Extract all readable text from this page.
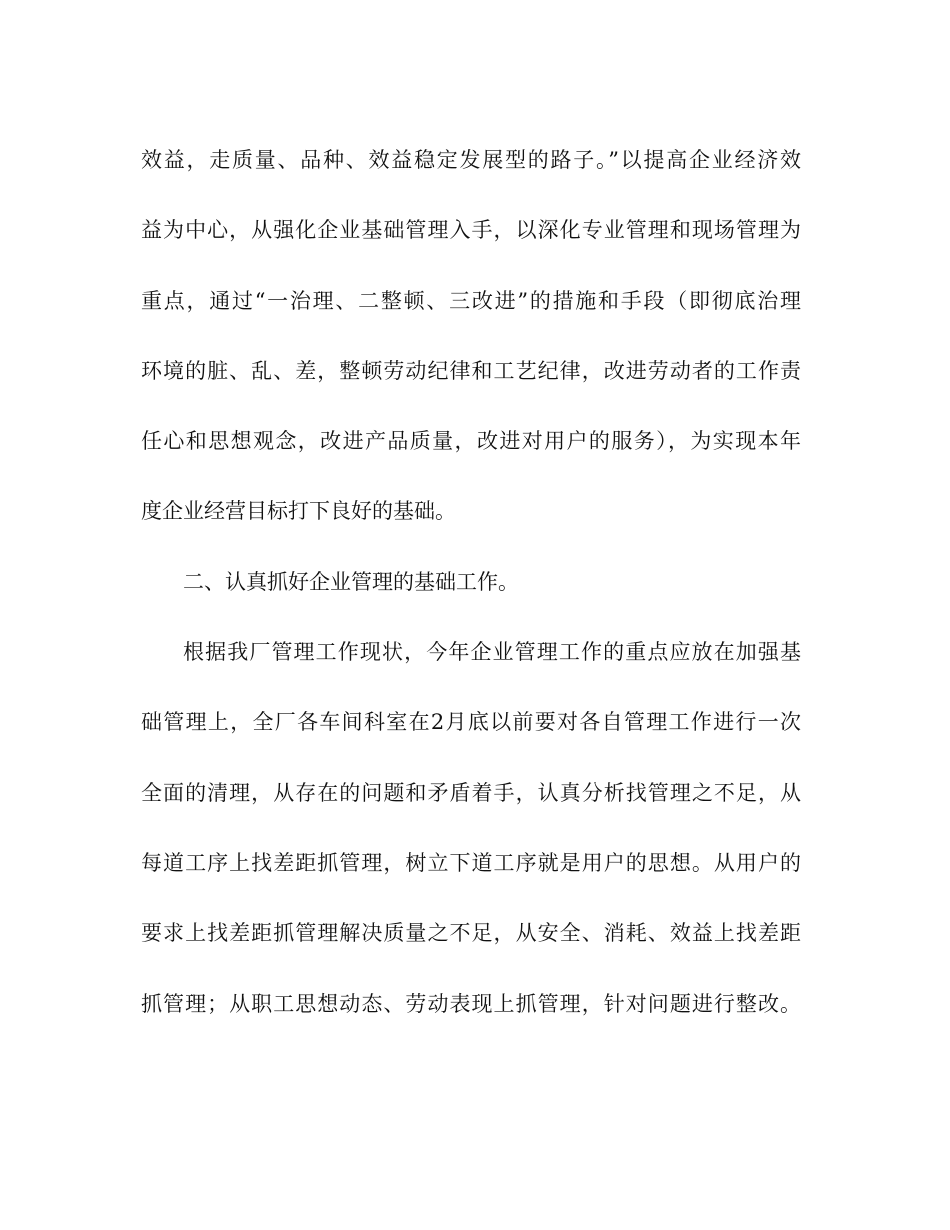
效益，走质量、品种、效益稳定发展型的路子。”以提高企业经济效
益为中心，从强化企业基础管理入手，以深化专业管理和现场管理为
重点，通过“一治理、二整顿、三改进”的措施和手段（即彻底治理
环境的脏、乱、差，整顿劳动纪律和工艺纪律，改进劳动者的工作责
任心和思想观念，改进产品质量，改进对用户的服务），为实现本年
度企业经营目标打下良好的基础。
二、认真抓好企业管理的基础工作。
根据我厂管理工作现状，今年企业管理工作的重点应放在加强基
础管理上，全厂各车间科室在2月底以前要对各自管理工作进行一次
全面的清理，从存在的问题和矛盾着手，认真分析找管理之不足，从
每道工序上找差距抓管理，树立下道工序就是用户的思想。从用户的
要求上找差距抓管理解决质量之不足，从安全、消耗、效益上找差距
抓管理；从职工思想动态、劳动表现上抓管理，针对问题进行整改。
